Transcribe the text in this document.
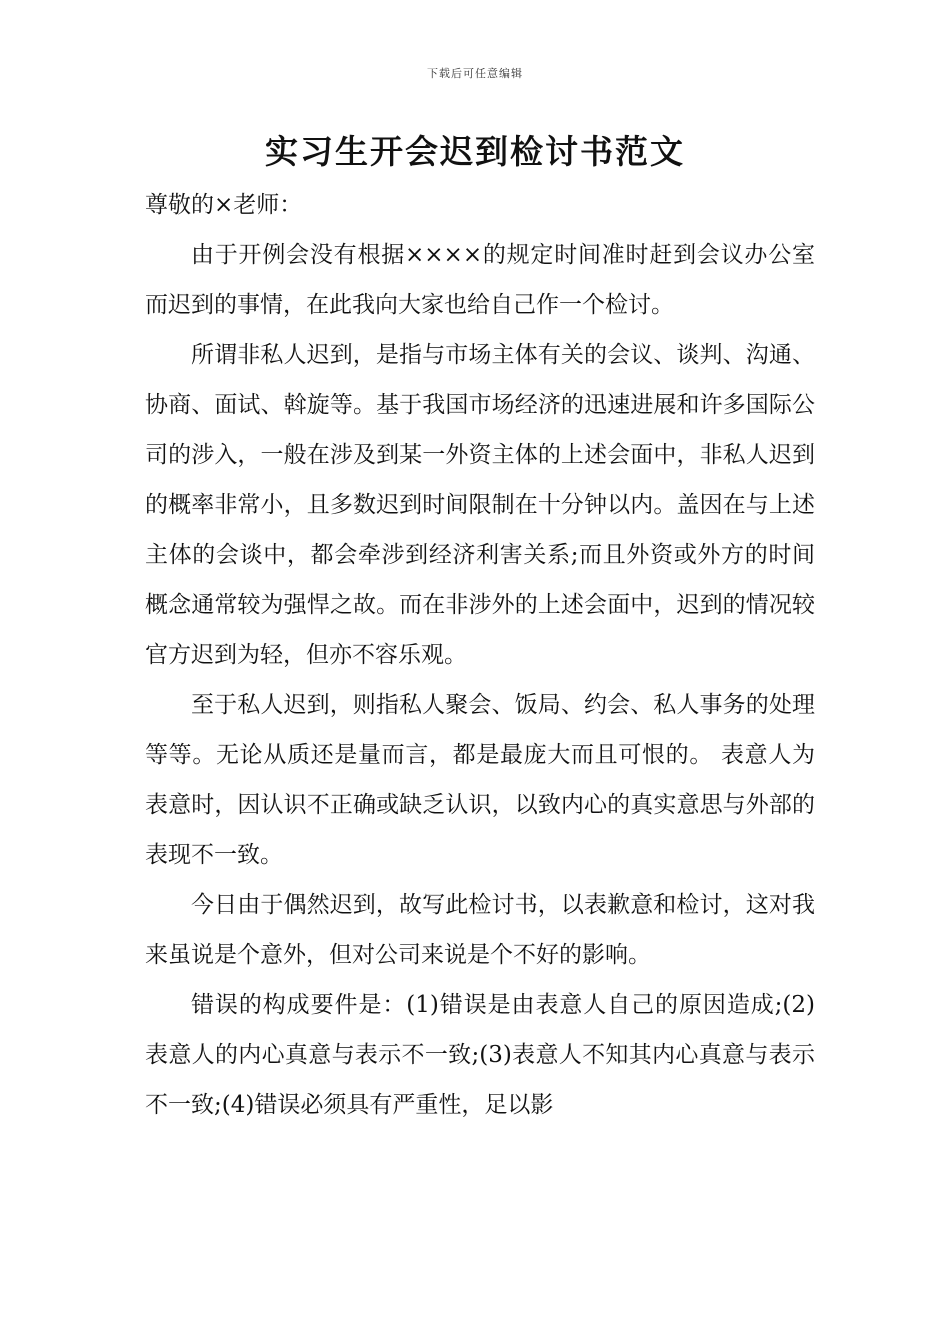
下载后可任意编辑
实习生开会迟到检讨书范文

尊敬的×老师：

由于开例会没有根据××××的规定时间准时赶到会议办公室而迟到的事情，在此我向大家也给自己作一个检讨。

所谓非私人迟到，是指与市场主体有关的会议、谈判、沟通、协商、面试、斡旋等。基于我国市场经济的迅速进展和许多国际公司的涉入，一般在涉及到某一外资主体的上述会面中，非私人迟到的概率非常小，且多数迟到时间限制在十分钟以内。盖因在与上述主体的会谈中，都会牵涉到经济利害关系;而且外资或外方的时间概念通常较为强悍之故。而在非涉外的上述会面中，迟到的情况较官方迟到为轻，但亦不容乐观。

至于私人迟到，则指私人聚会、饭局、约会、私人事务的处理等等。无论从质还是量而言，都是最庞大而且可恨的。 表意人为表意时，因认识不正确或缺乏认识，以致内心的真实意思与外部的表现不一致。

今日由于偶然迟到，故写此检讨书，以表歉意和检讨，这对我来虽说是个意外，但对公司来说是个不好的影响。

错误的构成要件是：(1)错误是由表意人自己的原因造成;(2)表意人的内心真意与表示不一致;(3)表意人不知其内心真意与表示不一致;(4)错误必须具有严重性，足以影
